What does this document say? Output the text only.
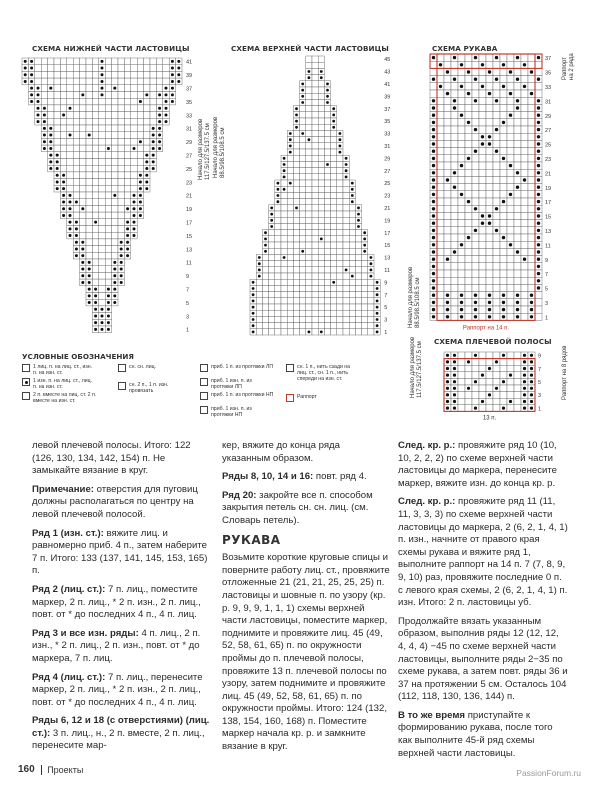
СХЕМА НИЖНЕЙ ЧАСТИ ЛАСТОВИЦЫ	СХЕМА ВЕРХНЕЙ ЧАСТИ ЛАСТОВИЦЫ	СХЕМА РУКАВА
СХЕМА ПЛЕЧЕВОЙ ПОЛОСЫ
Начало для размеров 117.5/127.5/137.5 см Начало для размеров 88.5/98.5/108.5 см
Раппорт на 2 ряда
Начало для размеров 88.5/98.5/108.5 см
Начало для размеров 117.5/127.5/137.5 см	Раппорт на 8 рядов
41
39
37
35
33
31
29
27
25
23
21
19
17
15
13
11
9
7
5
3
1
45
43
41
39
37
35
33
31
29
27
25
23
21
19
17
15
13
11
9
7
5
3
1
37
35
33
31
29
27
25
23
21
19
17
15
13
11
9
7
5
3
1
Раппорт на 14 п.
9
7
5
3
1
13 п.
УСЛОВНЫЕ ОБОЗНАЧЕНИЯ
1 лиц. п. на лиц. ст., изн. п. на изн. ст.
1 изн. п. на лиц. ст., лиц. п. на изн. ст.
2 п. вместе на лиц. ст. 2 п. вместе на изн. ст.
сн. сн. лиц.
сн. 2 п., 1 п. изн. провязать
приб. 1 п. из протяжки ЛП
приб. 1 изн. п. из протяжки ЛП
приб. 1 п. из протяжки НП
приб. 1 изн. п. из протяжки НП
сн. 1 п., нить сзади на лиц. ст., сн. 1 п., нить спереди на изн. ст.
Раппорт

левой плечевой полосы. Итого: 122 (126, 130, 134, 142, 154) п. Не замыкайте вязание в круг.

Примечание: отверстия для пуговиц должны располагаться по центру на левой плечевой полосой.

Ряд 1 (изн. ст.): вяжите лиц. и равномерно приб. 4 п., затем наберите 7 п. Итого: 133 (137, 141, 145, 153, 165) п.

Ряд 2 (лиц. ст.): 7 п. лиц., поместите маркер, 2 п. лиц., * 2 п. изн., 2 п. лиц., повт. от * до последних 4 п., 4 п. лиц.

Ряд 3 и все изн. ряды: 4 п. лиц., 2 п. изн., * 2 п. лиц., 2 п. изн., повт. от * до маркера, 7 п. лиц.

Ряд 4 (лиц. ст.): 7 п. лиц., перенесите маркер, 2 п. лиц., * 2 п. изн., 2 п. лиц., повт. от * до последних 4 п., 4 п. лиц.

Ряды 6, 12 и 18 (с отверстиями) (лиц. ст.): 3 п. лиц., н., 2 п. вместе, 2 п. лиц., перенесите мар-

кер, вяжите до конца ряда указанным образом.

Ряды 8, 10, 14 и 16: повт. ряд 4.

Ряд 20: закройте все п. способом закрытия петель сн. сн. лиц. (см. Словарь петель).

РУКАВА

Возьмите короткие круговые спицы и поверните работу лиц. ст., провяжите отложенные 21 (21, 21, 25, 25, 25) п. ластовицы и шовные п. по узору (кр. р. 9, 9, 9, 1, 1, 1) схемы верхней части ластовицы, поместите маркер, поднимите и провяжите лиц. 45 (49, 52, 58, 61, 65) п. по окружности проймы до п. плечевой полосы, провяжите 13 п. плечевой полосы по узору, затем поднимите и провяжите лиц. 45 (49, 52, 58, 61, 65) п. по окружности проймы. Итого: 124 (132, 138, 154, 160, 168) п. Поместите маркер начала кр. р. и замкните вязание в круг.

След. кр. р.: провяжите ряд 10 (10, 10, 2, 2, 2) по схеме верхней части ластовицы до маркера, перенесите маркер, вяжите изн. до конца кр. р.

След. кр. р.: провяжите ряд 11 (11, 11, 3, 3, 3) по схеме верхней части ластовицы до маркера, 2 (6, 2, 1, 4, 1) п. изн., начните от правого края схемы рукава и вяжите ряд 1, выполните раппорт на 14 п. 7 (7, 8, 9, 9, 10) раз, провяжите последние 0 п. с левого края схемы, 2 (6, 2, 1, 4, 1) п. изн. Итого: 2 п. ластовицы уб.

Продолжайте вязать указанным образом, выполнив ряды 12 (12, 12, 4, 4, 4) −45 по схеме верхней части ластовицы, выполните ряды 2−35 по схеме рукава, а затем повт. ряды 36 и 37 на протяжении 5 см. Осталось 104 (112, 118, 130, 136, 144) п.

В то же время приступайте к формированию рукава, после того как выполните 45-й ряд схемы верхней части ластовицы.

160 Проекты	PassionForum.ru
